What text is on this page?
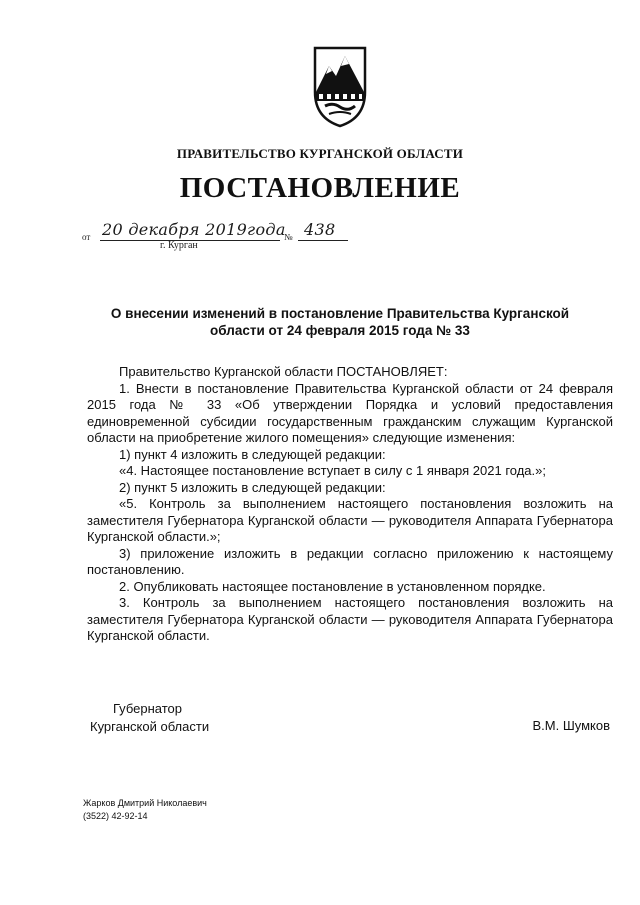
ПРАВИТЕЛЬСТВО КУРГАНСКОЙ ОБЛАСТИ
ПОСТАНОВЛЕНИЕ
от 20 декабря 2019года
№ 438
г. Курган
О внесении изменений в постановление Правительства Курганской области от 24 февраля 2015 года № 33

Правительство Курганской области ПОСТАНОВЛЯЕТ:

1. Внести в постановление Правительства Курганской области от 24 февраля 2015 года № 33 «Об утверждении Порядка и условий предоставления единовременной субсидии государственным гражданским служащим Курганской области на приобретение жилого помещения» следующие изменения:

1) пункт 4 изложить в следующей редакции:

«4. Настоящее постановление вступает в силу с 1 января 2021 года.»;

2) пункт 5 изложить в следующей редакции:

«5. Контроль за выполнением настоящего постановления возложить на заместителя Губернатора Курганской области — руководителя Аппарата Губернатора Курганской области.»;

3) приложение изложить в редакции согласно приложению к настоящему постановлению.

2. Опубликовать настоящее постановление в установленном порядке.

3. Контроль за выполнением настоящего постановления возложить на заместителя Губернатора Курганской области — руководителя Аппарата Губернатора Курганской области.

Губернатор
Курганской области	В.М. Шумков
Жарков Дмитрий Николаевич
(3522) 42-92-14
